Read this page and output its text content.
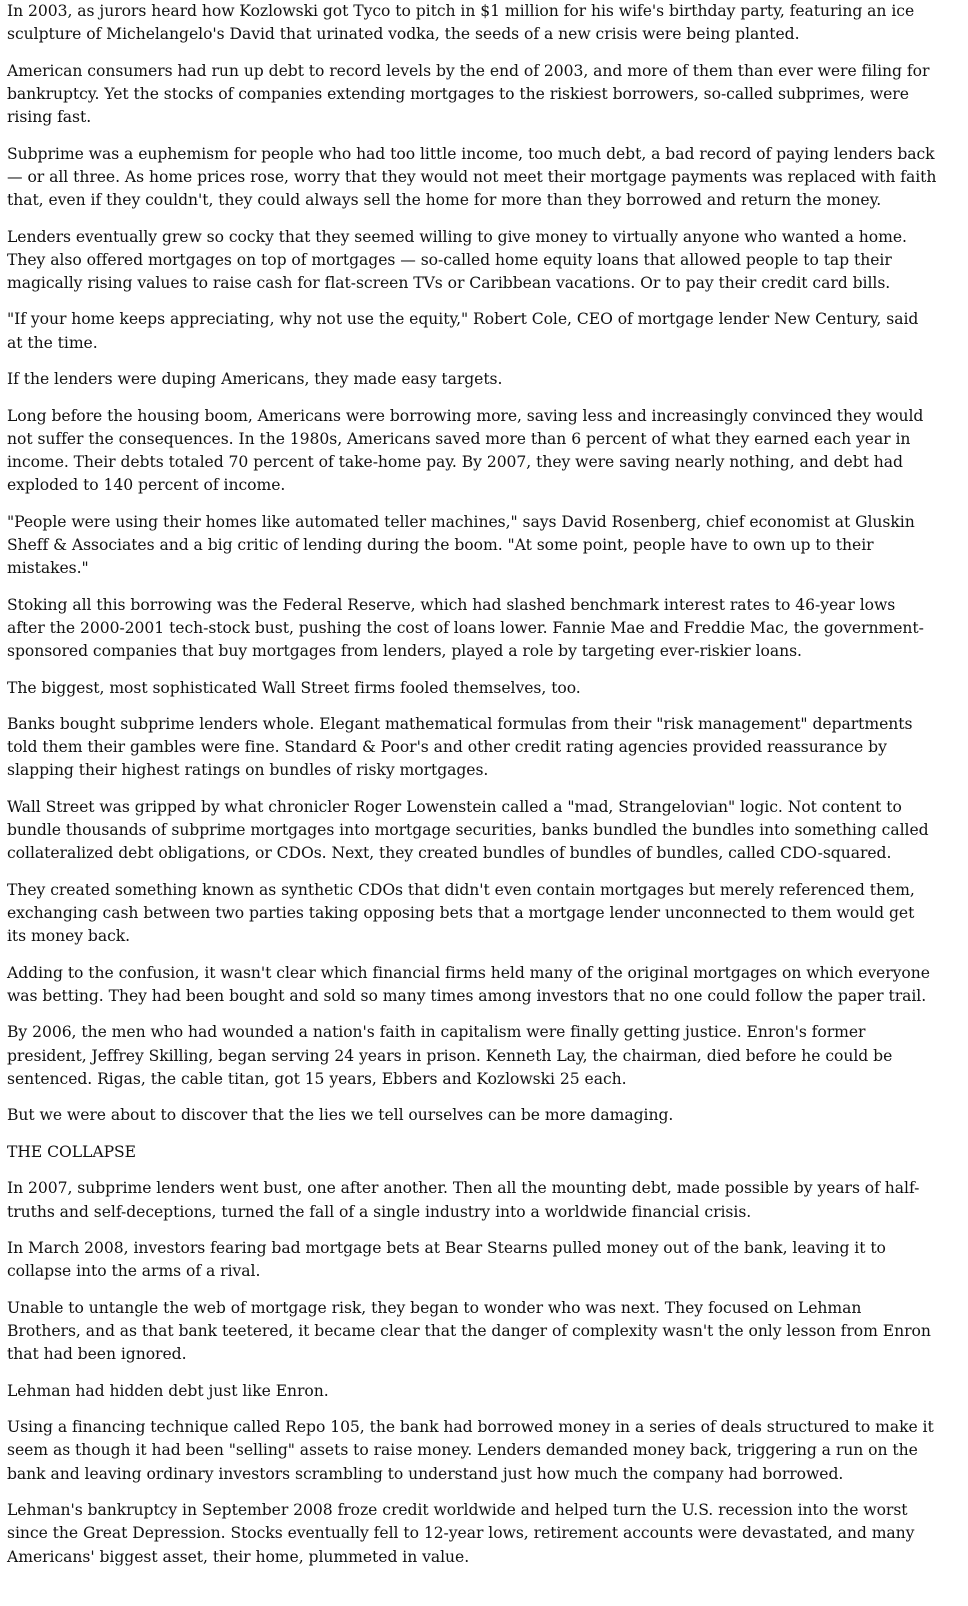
In 2003, as jurors heard how Kozlowski got Tyco to pitch in $1 million for his wife's birthday party, featuring an ice sculpture of Michelangelo's David that urinated vodka, the seeds of a new crisis were being planted.

American consumers had run up debt to record levels by the end of 2003, and more of them than ever were filing for bankruptcy. Yet the stocks of companies extending mortgages to the riskiest borrowers, so-called subprimes, were rising fast.

Subprime was a euphemism for people who had too little income, too much debt, a bad record of paying lenders back — or all three. As home prices rose, worry that they would not meet their mortgage payments was replaced with faith that, even if they couldn't, they could always sell the home for more than they borrowed and return the money.

Lenders eventually grew so cocky that they seemed willing to give money to virtually anyone who wanted a home. They also offered mortgages on top of mortgages — so-called home equity loans that allowed people to tap their magically rising values to raise cash for flat-screen TVs or Caribbean vacations. Or to pay their credit card bills.

"If your home keeps appreciating, why not use the equity," Robert Cole, CEO of mortgage lender New Century, said at the time.

If the lenders were duping Americans, they made easy targets.

Long before the housing boom, Americans were borrowing more, saving less and increasingly convinced they would not suffer the consequences. In the 1980s, Americans saved more than 6 percent of what they earned each year in income. Their debts totaled 70 percent of take-home pay. By 2007, they were saving nearly nothing, and debt had exploded to 140 percent of income.

"People were using their homes like automated teller machines," says David Rosenberg, chief economist at Gluskin Sheff & Associates and a big critic of lending during the boom. "At some point, people have to own up to their mistakes."

Stoking all this borrowing was the Federal Reserve, which had slashed benchmark interest rates to 46-year lows after the 2000-2001 tech-stock bust, pushing the cost of loans lower. Fannie Mae and Freddie Mac, the government-sponsored companies that buy mortgages from lenders, played a role by targeting ever-riskier loans.

The biggest, most sophisticated Wall Street firms fooled themselves, too.

Banks bought subprime lenders whole. Elegant mathematical formulas from their "risk management" departments told them their gambles were fine. Standard & Poor's and other credit rating agencies provided reassurance by slapping their highest ratings on bundles of risky mortgages.

Wall Street was gripped by what chronicler Roger Lowenstein called a "mad, Strangelovian" logic. Not content to bundle thousands of subprime mortgages into mortgage securities, banks bundled the bundles into something called collateralized debt obligations, or CDOs. Next, they created bundles of bundles of bundles, called CDO-squared.

They created something known as synthetic CDOs that didn't even contain mortgages but merely referenced them, exchanging cash between two parties taking opposing bets that a mortgage lender unconnected to them would get its money back.

Adding to the confusion, it wasn't clear which financial firms held many of the original mortgages on which everyone was betting. They had been bought and sold so many times among investors that no one could follow the paper trail.

By 2006, the men who had wounded a nation's faith in capitalism were finally getting justice. Enron's former president, Jeffrey Skilling, began serving 24 years in prison. Kenneth Lay, the chairman, died before he could be sentenced. Rigas, the cable titan, got 15 years, Ebbers and Kozlowski 25 each.

But we were about to discover that the lies we tell ourselves can be more damaging.

THE COLLAPSE

In 2007, subprime lenders went bust, one after another. Then all the mounting debt, made possible by years of half-truths and self-deceptions, turned the fall of a single industry into a worldwide financial crisis.

In March 2008, investors fearing bad mortgage bets at Bear Stearns pulled money out of the bank, leaving it to collapse into the arms of a rival.

Unable to untangle the web of mortgage risk, they began to wonder who was next. They focused on Lehman Brothers, and as that bank teetered, it became clear that the danger of complexity wasn't the only lesson from Enron that had been ignored.

Lehman had hidden debt just like Enron.

Using a financing technique called Repo 105, the bank had borrowed money in a series of deals structured to make it seem as though it had been "selling" assets to raise money. Lenders demanded money back, triggering a run on the bank and leaving ordinary investors scrambling to understand just how much the company had borrowed.

Lehman's bankruptcy in September 2008 froze credit worldwide and helped turn the U.S. recession into the worst since the Great Depression. Stocks eventually fell to 12-year lows, retirement accounts were devastated, and many Americans' biggest asset, their home, plummeted in value.
